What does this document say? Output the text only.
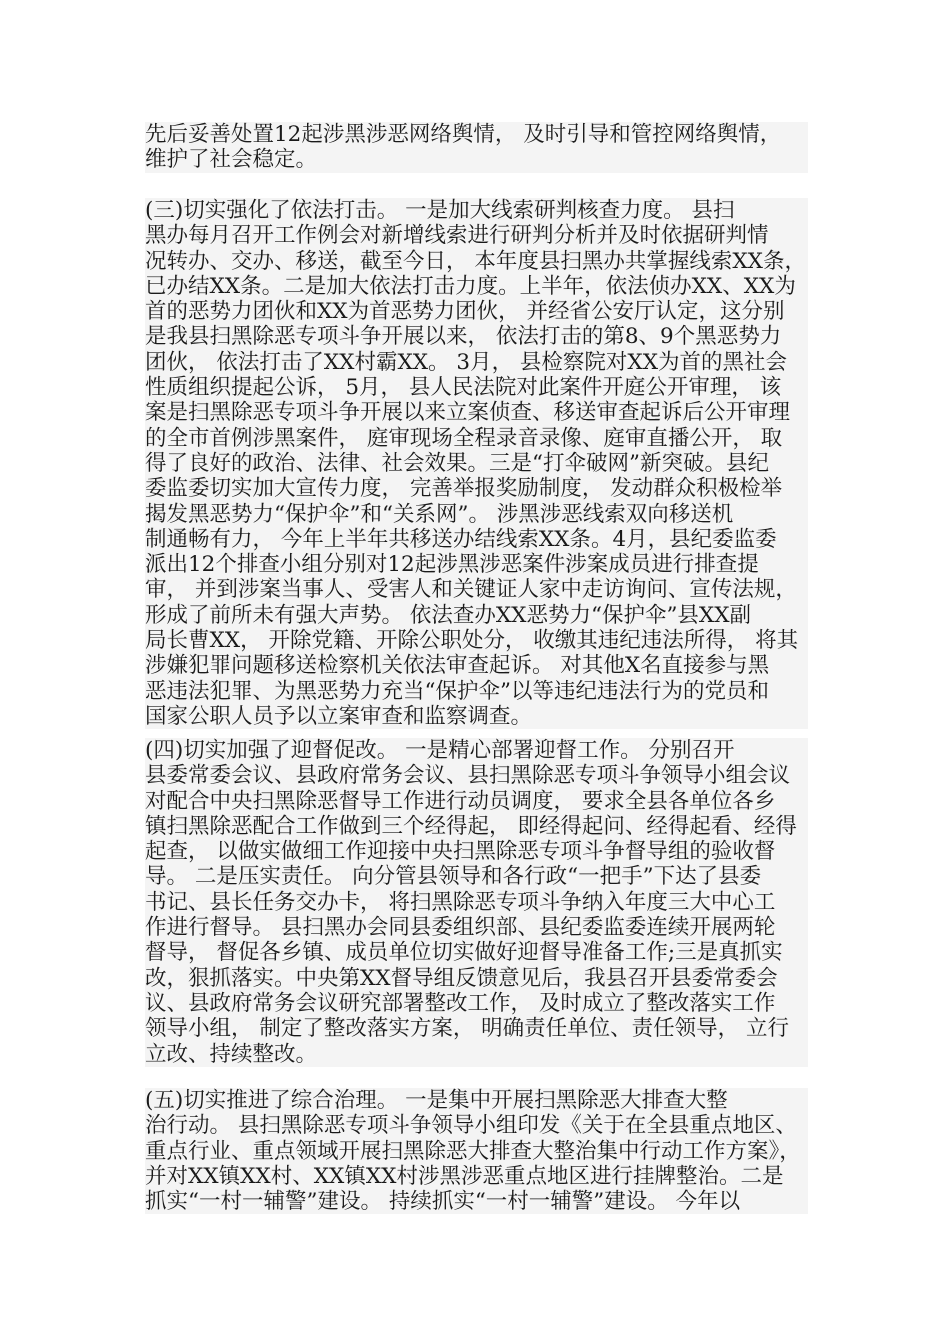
先后妥善处置12起涉黑涉恶网络舆情， 及时引导和管控网络舆情，
维护了社会稳定。
(三)切实强化了依法打击。 一是加大线索研判核查力度。 县扫
黑办每月召开工作例会对新增线索进行研判分析并及时依据研判情
况转办、交办、移送，截至今日， 本年度县扫黑办共掌握线索XX条，
已办结XX条。二是加大依法打击力度。上半年，依法侦办XX、XX为
首的恶势力团伙和XX为首恶势力团伙， 并经省公安厅认定，这分别
是我县扫黑除恶专项斗争开展以来， 依法打击的第8、9个黑恶势力
团伙， 依法打击了XX村霸XX。 3月， 县检察院对XX为首的黑社会
性质组织提起公诉， 5月， 县人民法院对此案件开庭公开审理， 该
案是扫黑除恶专项斗争开展以来立案侦查、移送审查起诉后公开审理
的全市首例涉黑案件， 庭审现场全程录音录像、庭审直播公开， 取
得了良好的政治、法律、社会效果。三是“打伞破网”新突破。县纪
委监委切实加大宣传力度， 完善举报奖励制度， 发动群众积极检举
揭发黑恶势力“保护伞”和“关系网”。 涉黑涉恶线索双向移送机
制通畅有力， 今年上半年共移送办结线索XX条。4月，县纪委监委
派出12个排查小组分别对12起涉黑涉恶案件涉案成员进行排查提
审， 并到涉案当事人、受害人和关键证人家中走访询问、宣传法规，
形成了前所未有强大声势。 依法查办XX恶势力“保护伞”县XX副
局长曹XX， 开除党籍、开除公职处分， 收缴其违纪违法所得， 将其
涉嫌犯罪问题移送检察机关依法审查起诉。 对其他X名直接参与黑
恶违法犯罪、为黑恶势力充当“保护伞”以等违纪违法行为的党员和
国家公职人员予以立案审查和监察调查。
(四)切实加强了迎督促改。 一是精心部署迎督工作。 分别召开
县委常委会议、县政府常务会议、县扫黑除恶专项斗争领导小组会议
对配合中央扫黑除恶督导工作进行动员调度， 要求全县各单位各乡
镇扫黑除恶配合工作做到三个经得起， 即经得起问、经得起看、经得
起查， 以做实做细工作迎接中央扫黑除恶专项斗争督导组的验收督
导。 二是压实责任。 向分管县领导和各行政“一把手”下达了县委
书记、县长任务交办卡， 将扫黑除恶专项斗争纳入年度三大中心工
作进行督导。 县扫黑办会同县委组织部、县纪委监委连续开展两轮
督导， 督促各乡镇、成员单位切实做好迎督导准备工作;三是真抓实
改，狠抓落实。中央第XX督导组反馈意见后，我县召开县委常委会
议、县政府常务会议研究部署整改工作， 及时成立了整改落实工作
领导小组， 制定了整改落实方案， 明确责任单位、责任领导， 立行
立改、持续整改。
(五)切实推进了综合治理。 一是集中开展扫黑除恶大排查大整
治行动。 县扫黑除恶专项斗争领导小组印发《关于在全县重点地区、
重点行业、重点领域开展扫黑除恶大排查大整治集中行动工作方案》，
并对XX镇XX村、XX镇XX村涉黑涉恶重点地区进行挂牌整治。二是
抓实“一村一辅警”建设。 持续抓实“一村一辅警”建设。 今年以
